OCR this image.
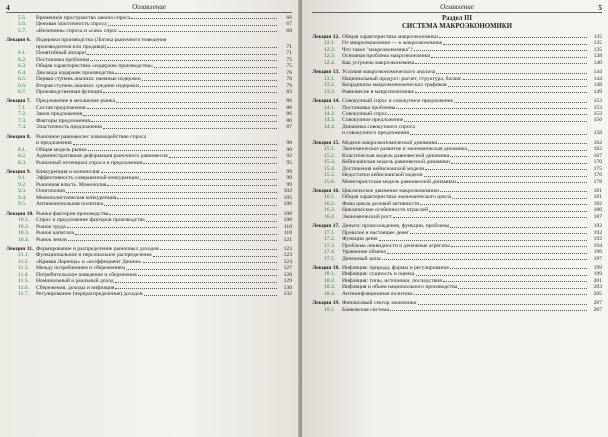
4	Оглавление
5.5.	Временнóе пространство закона спроса	66
5.6.	Ценовая эластичность спроса	67
5.7.	«Величина» спроса и «сам» спрос	69
Лекция 6. Издержки производства (Логика рыночного поведения
производителя или продавца)	71
6.1.	Понятийный аппарат	71
6.2.	Постановка проблемы	75
6.3.	Общая характеристика «издержек производства»	75
6.4.	Два вида издержек производства	76
6.5.	Первая ступень анализа: наемные издержки	78
6.6.	Вторая ступень анализа: средние издержки	79
6.7.	Производственная функция	83
Лекция 7. Предложение в механизме рынка	86
7.1.	Состав предложения	86
7.2.	Закон предложения	86
7.3.	Факторы предложения	86
7.4.	Эластичность предложения	87
Лекция 8. Рыночное равновесие: взаимодействие спроса
и предложения	90
8.1.	Общая модель рынка	90
8.2.	Административная деформация рыночного равновесия	92
8.3.	Рыночный потенциал спроса и предложения	95
Лекция 9. Конкуренция и монополия	99
9.1.	Эффективность совершенной конкуренции	99
9.2.	Рыночная власть. Монополия	99
9.3.	Олигополия	102
9.4.	Монополистическая конкуренция	105
9.5.	Антимонопольная политика	106
Лекция 10. Рынки факторов производства	108
10.1.	Спрос и предложение факторов производства	108
10.2.	Рынок труда	110
10.3.	Рынок капитала	118
10.4.	Рынок земли	121
Лекция 11. Формирование и распределение рыночных доходов	123
11.1.	Функциональное и персональное распределение	123
11.2.	«Кривая Лоренца» и «коэффициент Джини»	124
11.3.	Между потреблением и сбережением	127
11.4.	Потребительское поведение и сбережения	128
11.5.	Номинальный и реальный доход	129
11.6.	Сбережения, доходы и инфляция	130
11.7.	Регулирование (перераспределение) доходов	132
Оглавление	5
Раздел III
СИСТЕМА МАКРОЭКОНОМИКИ
Лекция 12. Общая характеристика макроэкономики	135
12.1.	От микроэкономики — к макроэкономике	135
12.2.	Что такое "макроэкономика"?	135
12.3.	Основная проблема макроэкономики	138
12.4.	Как устроена макроэкономика	140
Лекция 13. Условия макроэкономического анализа	144
13.1.	Национальный продукт: расчет, структура, баланс	144
13.2.	Координаты макроэкономических графиков	148
13.3.	Равновесие в макроэкономике	149
Лекция 14. Совокупный спрос и совокупное предложение	153
14.1.	Постановка проблемы	153
14.2.	Совокупный спрос	153
14.3.	Совокупное предложение	156
14.4.	Динамика совокупного спроса
и совокупного предложения	158
Лекция 15. Модели макроэкономической динамики	162
15.1.	Экономическое развитие и экономическая динамика	162
15.2.	Классическая модель равновесной динамики	167
15.3.	Кейнсианская модель равновесной динамики	170
15.4.	Достижения кейнсианской модели	175
15.5.	Недостатки кейнсианской модели	176
15.6.	Монетаристская модель равновесной динамики	178
Лекция 16. Циклическое движение макроэкономики	181
16.1.	Общая характеристика экономического цикла	181
16.2.	Фазы цикла деловой активности	182
16.3.	Циклические особенности отраслей	186
16.4.	Экономический рост	187
Лекция 17. Деньги: происхождение, функции, проблемы	192
17.1.	Прошлое и настоящее денег	192
17.2.	Функции денег	192
17.3.	Проблема ликвидности и денежные агрегаты	194
17.4.	Уравнение обмена	196
17.5.	Денежный запас	197
Лекция 18. Инфляция: природа, формы и регулирование	199
18.1.	Инфляция: сущность и оценка	199
18.2.	Инфляция: типы, источники, последствия	201
18.3.	Инфляция и объем национального производства	203
18.4.	Антиинфляционная политика	205
Лекция 19. Финансовый сектор экономики	207
19.1.	Банковская система	207
